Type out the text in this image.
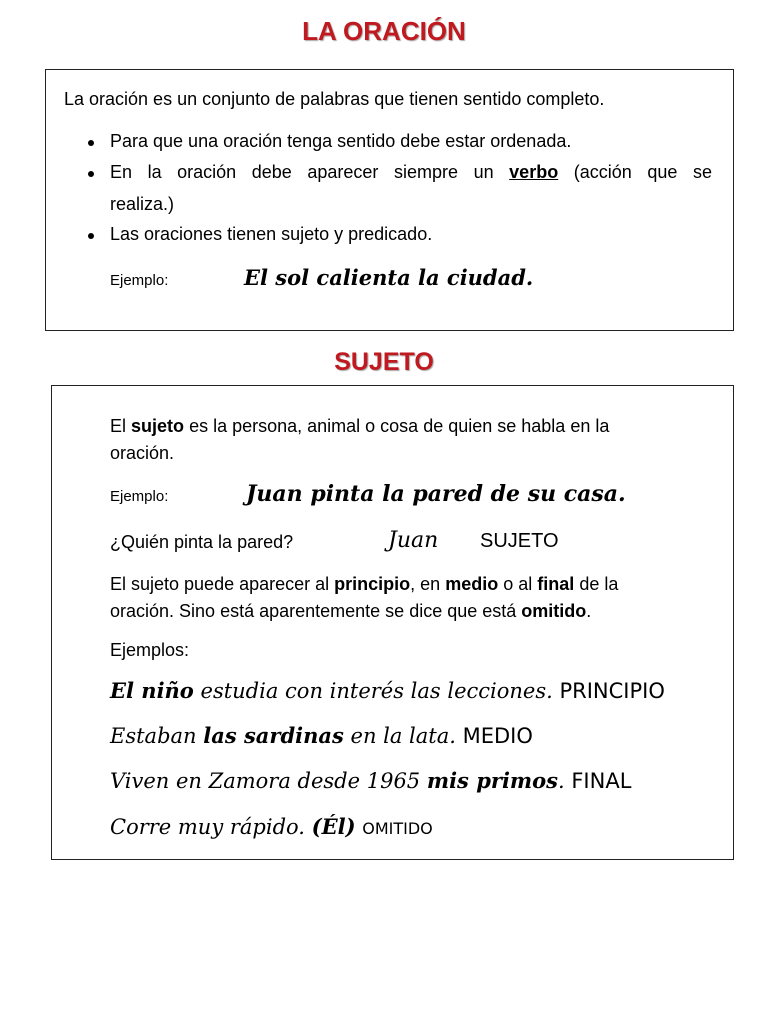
LA ORACIÓN
La oración es un conjunto de palabras que tienen sentido completo.
Para que una oración tenga sentido debe estar ordenada.
En la oración debe aparecer siempre un verbo (acción que se
realiza.)
Las oraciones tienen sujeto y predicado.
Ejemplo:	El sol calienta la ciudad.
SUJETO
El sujeto es la persona, animal o cosa de quien se habla en la
oración.
Ejemplo:	Juan pinta la pared de su casa.
¿Quién pinta la pared?	Juan SUJETO
El sujeto puede aparecer al principio, en medio o al final de la
oración. Sino está aparentemente se dice que está omitido.
Ejemplos:
El niño estudia con interés las lecciones. PRINCIPIO
Estaban las sardinas en la lata. MEDIO
Viven en Zamora desde 1965 mis primos. FINAL
Corre muy rápido. (Él) OMITIDO
